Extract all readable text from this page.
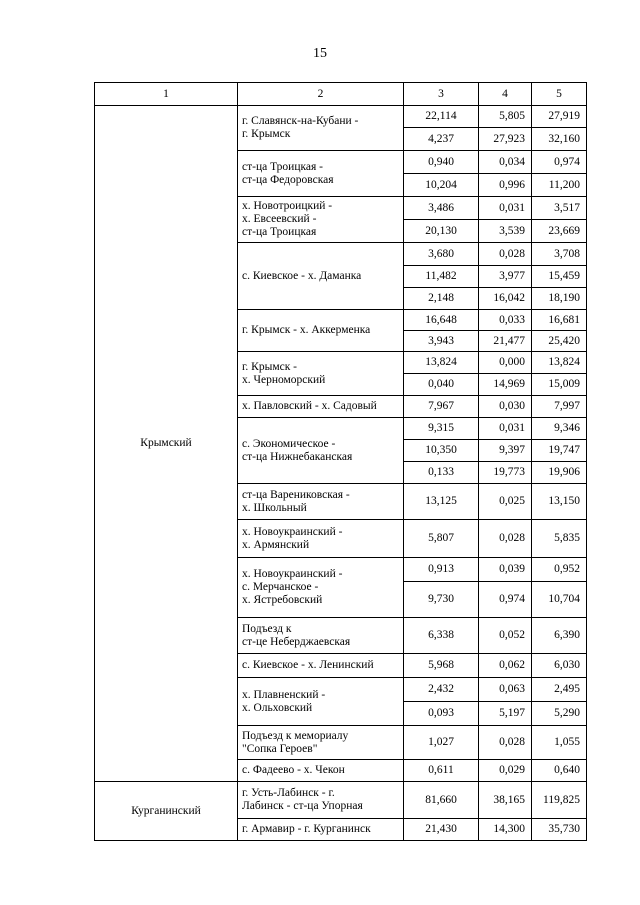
15
1	2	3	4	5
Крымский	г. Славянск-на-Кубани -
г. Крымск	22,114	5,805	27,919
		4,237	27,923	32,160
	ст-ца Троицкая -
ст-ца Федоровская	0,940	0,034	0,974
		10,204	0,996	11,200
	х. Новотроицкий -
х. Евсеевский -
ст-ца Троицкая	3,486	0,031	3,517
		20,130	3,539	23,669
	с. Киевское - х. Даманка	3,680	0,028	3,708
		11,482	3,977	15,459
		2,148	16,042	18,190
	г. Крымск - х. Аккерменка	16,648	0,033	16,681
		3,943	21,477	25,420
	г. Крымск -
х. Черноморский	13,824	0,000	13,824
		0,040	14,969	15,009
	х. Павловский - х. Садовый	7,967	0,030	7,997
	с. Экономическое -
ст-ца Нижнебаканская	9,315	0,031	9,346
		10,350	9,397	19,747
		0,133	19,773	19,906
	ст-ца Варениковская -
х. Школьный	13,125	0,025	13,150
	х. Новоукраинский -
х. Армянский	5,807	0,028	5,835
	х. Новоукраинский -
с. Мерчанское -
х. Ястребовский	0,913	0,039	0,952
		9,730	0,974	10,704
	Подъезд к
ст-це Неберджаевская	6,338	0,052	6,390
	с. Киевское - х. Ленинский	5,968	0,062	6,030
	х. Плавненский -
х. Ольховский	2,432	0,063	2,495
		0,093	5,197	5,290
	Подъезд к мемориалу
"Сопка Героев"	1,027	0,028	1,055
	с. Фадеево - х. Чекон	0,611	0,029	0,640
Курганинский	г. Усть-Лабинск - г.
Лабинск - ст-ца Упорная	81,660	38,165	119,825
	г. Армавир - г. Курганинск	21,430	14,300	35,730
